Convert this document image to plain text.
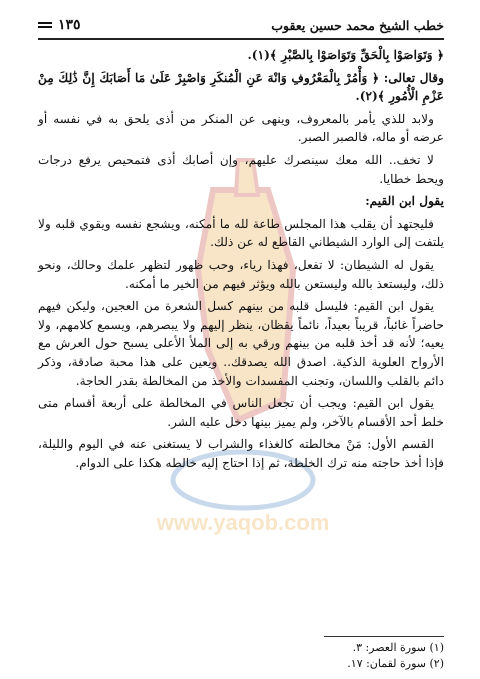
www.yaqob.com
خطب الشيخ محمد حسين يعقوب
١٣٥

﴿ وَتَوَاصَوْا بِالْحَقِّ وَتَوَاصَوْا بِالصَّبْرِ ﴾(١).

وقال تعالى: ﴿ وَأْمُرْ بِالْمَعْرُوفِ وَانْهَ عَنِ الْمُنكَرِ وَاصْبِرْ عَلَىٰ مَا أَصَابَكَ إِنَّ ذَٰلِكَ مِنْ عَزْمِ الْأُمُورِ ﴾(٢).

ولابد للذي يأمر بالمعروف، وينهى عن المنكر من أذى يلحق به في نفسه أو عرضه أو ماله، فالصبر الصبر.

لا تخف.. الله معك سينصرك عليهم، وإن أصابك أذى فتمحيص يرفع درجات ويحط خطايا.

يقول ابن القيم:

فليجتهد أن يقلب هذا المجلس طاعة لله ما أمكنه، ويشجع نفسه ويقوي قلبه ولا يلتفت إلى الوارد الشيطاني القاطع له عن ذلك.

يقول له الشيطان: لا تفعل، فهذا رياء، وحب ظهور لتظهر علمك وحالك، ونحو ذلك، وليستعذ بالله وليستعن بالله ويؤثر فيهم من الخير ما أمكنه.

يقول ابن القيم: فليسل قلبه من بينهم كسل الشعرة من العجين، وليكن فيهم حاضراً غائباً، قريباً بعيداً، نائماً يقظان، ينظر إليهم ولا يبصرهم، ويسمع كلامهم، ولا يعيه؛ لأنه قد أخذ قلبه من بينهم ورقي به إلى الملأ الأعلى يسبح حول العرش مع الأرواح العلوية الذكية. اصدق الله يصدقك.. ويعين على هذا محبة صادقة، وذكر دائم بالقلب واللسان، وتجنب المفسدات والأخذ من المخالطة بقدر الحاجة.

يقول ابن القيم: ويجب أن تجعل الناس في المخالطة على أربعة أقسام متى خلط أحد الأقسام بالآخر، ولم يميز بينها دخل عليه الشر.

القسم الأول: مَنْ مخالطته كالغذاء والشراب لا يستغنى عنه في اليوم والليلة، فإذا أخذ حاجته منه ترك الخلطة، ثم إذا احتاج إليه خالطه هكذا على الدوام.

(١) سورة العصر: ٣.
(٢) سورة لقمان: ١٧.
